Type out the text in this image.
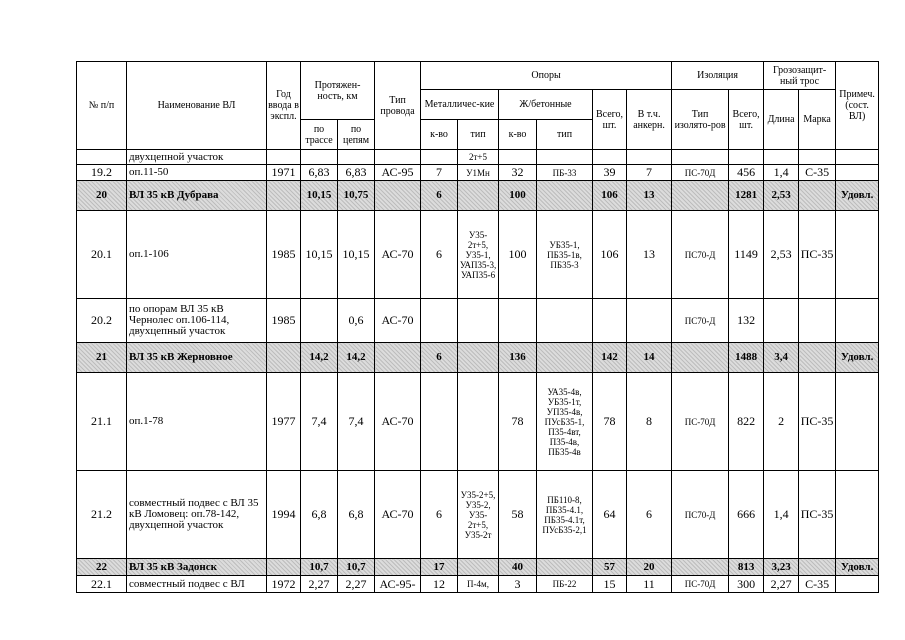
№ п/п	Наименование ВЛ	Год ввода в экспл.	Протяжен-ность, км		Тип провода	Опоры						Изоляция		Грозозащит-ный трос		Примеч. (сост. ВЛ)
						Металличес-кие		Ж/бетонные		Всего, шт.	В т.ч. анкерн.	Тип изолято-ров	Всего, шт.	Длина	Марка	
			по трассе	по цепям		к-во	тип	к-во	тип							
	двухцепной участок						2т+5									
19.2	оп.11-50	1971	6,83	6,83	АС-95	7	У1Мн	32	ПБ-33	39	7	ПС-70Д	456	1,4	С-35	
20	ВЛ 35 кВ Дубрава		10,15	10,75		6		100		106	13		1281	2,53		Удовл.
20.1	оп.1-106	1985	10,15	10,15	АС-70	6	У35-2т+5, У35-1, УАП35-3, УАП35-6	100	УБ35-1, ПБ35-1в, ПБ35-3	106	13	ПС70-Д	1149	2,53	ПС-35	
20.2	по опорам ВЛ 35 кВ Чернолес оп.106-114, двухцепный участок	1985		0,6	АС-70							ПС70-Д	132			
21	ВЛ 35 кВ Жерновное		14,2	14,2		6		136		142	14		1488	3,4		Удовл.
21.1	оп.1-78	1977	7,4	7,4	АС-70			78	УА35-4в, УБ35-1т, УП35-4в, ПУсБ35-1, П35-4вт, П35-4в, ПБ35-4в	78	8	ПС-70Д	822	2	ПС-35	
21.2	совместный подвес с ВЛ 35 кВ Ломовец: оп.78-142, двухцепной участок	1994	6,8	6,8	АС-70	6	У35-2+5, У35-2, У35-2т+5, У35-2т	58	ПБ110-8, ПБ35-4.1, ПБ35-4.1т, ПУсБ35-2,1	64	6	ПС70-Д	666	1,4	ПС-35	
22	ВЛ 35 кВ Задонск		10,7	10,7		17		40		57	20		813	3,23		Удовл.
22.1	совместный подвес с ВЛ	1972	2,27	2,27	АС-95-	12	П-4м,	3	ПБ-22	15	11	ПС-70Д	300	2,27	С-35	
